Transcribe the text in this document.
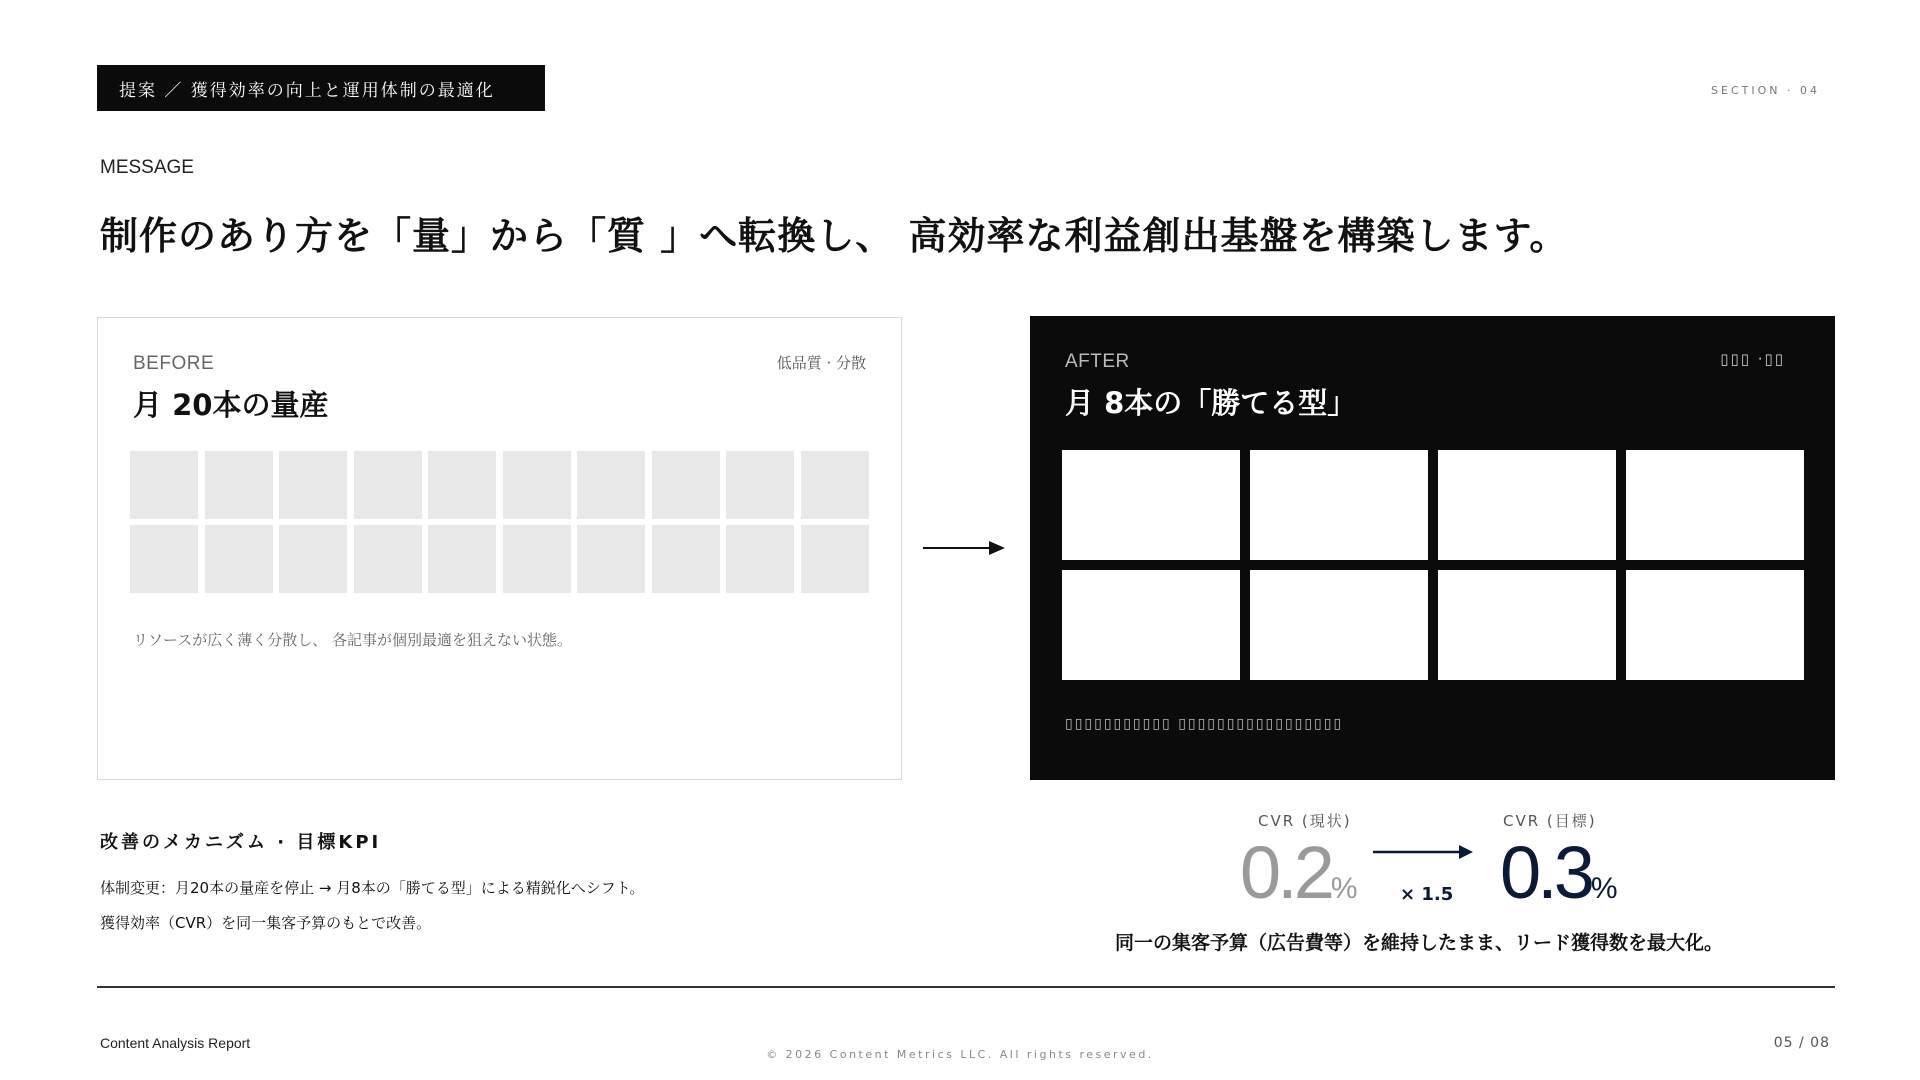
提案 ／ 獲得効率の向上と運用体制の最適化	SECTION · 04
MESSAGE
制作のあり方を「量」から「質 」へ転換し、 高効率な利益創出基盤を構築します。
BEFORE
月 20本の量産
低品質 · 分散
リソースが広く薄く分散し、 各記事が個別最適を狙えない状態。
AFTER
月 8本の「勝てる型」
▯▯▯ ·▯▯
▯▯▯▯▯▯▯▯▯▯▯ ▯▯▯▯▯▯▯▯▯▯▯▯▯▯▯▯▯
改善のメカニズム · 目標KPI
体制変更：月20本の量産を停止 → 月8本の「勝てる型」による精鋭化へシフト。
獲得効率（CVR）を同一集客予算のもとで改善。
CVR (現状)
0.2% × 1.5
CVR (目標)
0.3%
同一の集客予算（広告費等）を維持したまま、リード獲得数を最大化。
Content Analysis Report
© 2026 Content Metrics LLC. All rights reserved.
05 / 08
